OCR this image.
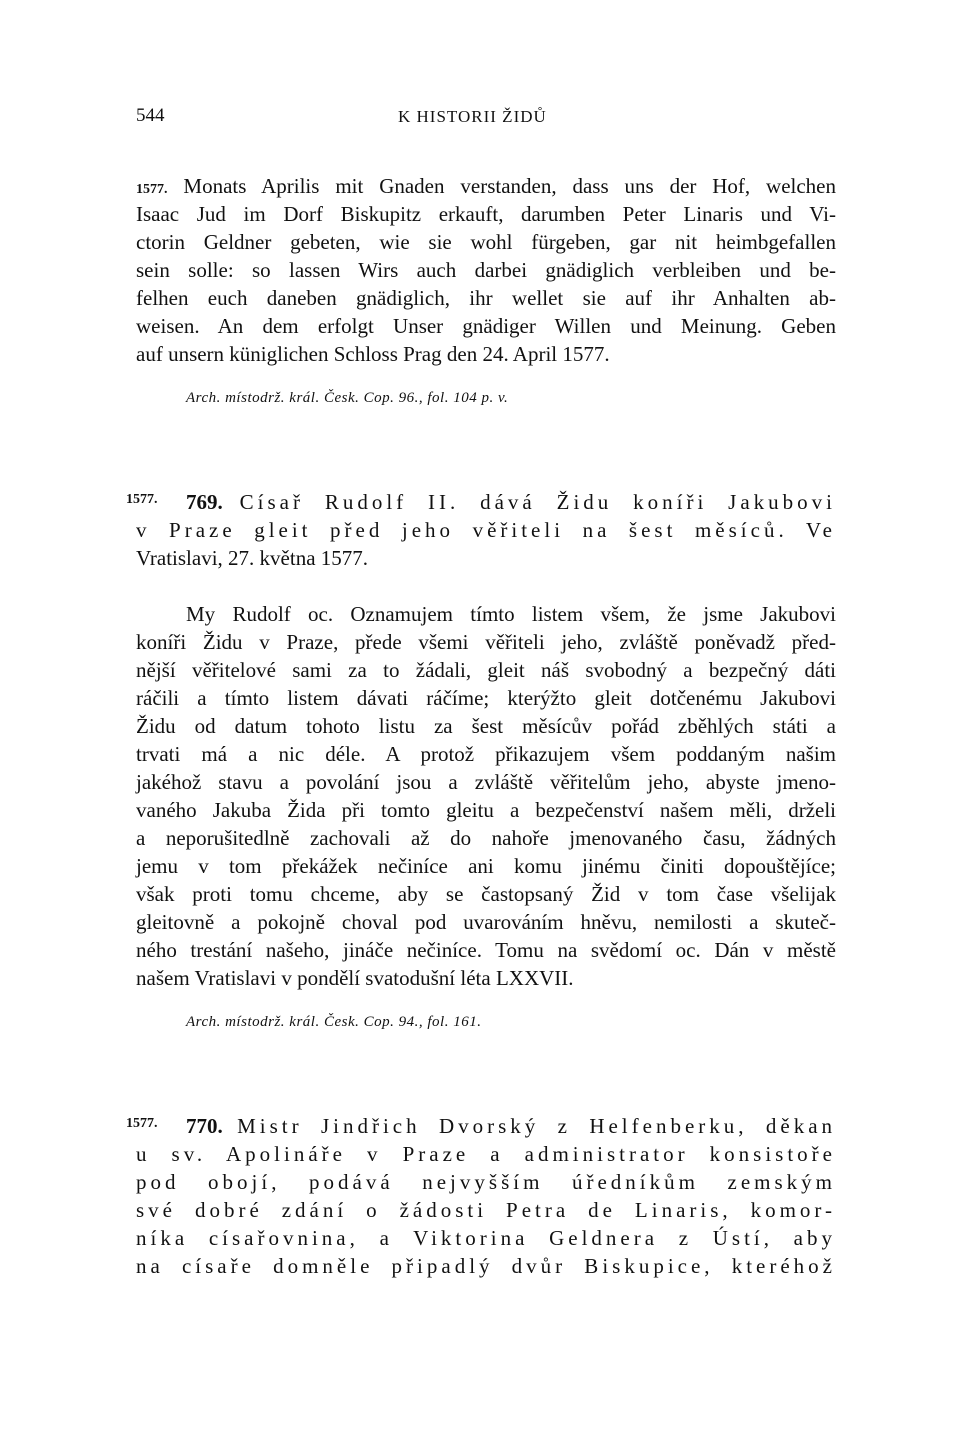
544	K HISTORII ŽIDŮ
1577. Monats Aprilis mit Gnaden verstanden, dass uns der Hof, welchen
Isaac Jud im Dorf Biskupitz erkauft, darumben Peter Linaris und Vi-
ctorin Geldner gebeten, wie sie wohl fürgeben, gar nit heimbgefallen
sein solle: so lassen Wirs auch darbei gnädiglich verbleiben und be-
felhen euch daneben gnädiglich, ihr wellet sie auf ihr Anhalten ab-
weisen. An dem erfolgt Unser gnädiger Willen und Meinung. Geben
auf unsern küniglichen Schloss Prag den 24. April 1577.
Arch. místodrž. král. Česk. Cop. 96., fol. 104 p. v.
1577. 769. Císař Rudolf II. dává Židu koníři Jakubovi
v Praze gleit před jeho věřiteli na šest měsíců. Ve
Vratislavi, 27. května 1577.
My Rudolf oc. Oznamujem tímto listem všem, že jsme Jakubovi
koníři Židu v Praze, přede všemi věřiteli jeho, zvláště poněvadž před-
nější věřitelové sami za to žádali, gleit náš svobodný a bezpečný dáti
ráčili a tímto listem dávati ráčíme; kterýžto gleit dotčenému Jakubovi
Židu od datum tohoto listu za šest měsícův pořád zběhlých státi a
trvati má a nic déle. A protož přikazujem všem poddaným našim
jakéhož stavu a povolání jsou a zvláště věřitelům jeho, abyste jmeno-
vaného Jakuba Žida při tomto gleitu a bezpečenství našem měli, drželi
a neporušitedlně zachovali až do nahoře jmenovaného času, žádných
jemu v tom překážek nečiníce ani komu jinému činiti dopouštějíce;
však proti tomu chceme, aby se častopsaný Žid v tom čase všelijak
gleitovně a pokojně choval pod uvarováním hněvu, nemilosti a skuteč-
ného trestání našeho, jináče nečiníce. Tomu na svědomí oc. Dán v městě
našem Vratislavi v pondělí svatodušní léta LXXVII.
Arch. místodrž. král. Česk. Cop. 94., fol. 161.
1577. 770. Mistr Jindřich Dvorský z Helfenberku, děkan
u sv. Apolináře v Praze a administrator konsistoře
pod obojí, podává nejvyšším úředníkům zemským
své dobré zdání o žádosti Petra de Linaris, komor-
níka císařovnina, a Viktorina Geldnera z Ústí, aby
na císaře domněle připadlý dvůr Biskupice, kteréhož
